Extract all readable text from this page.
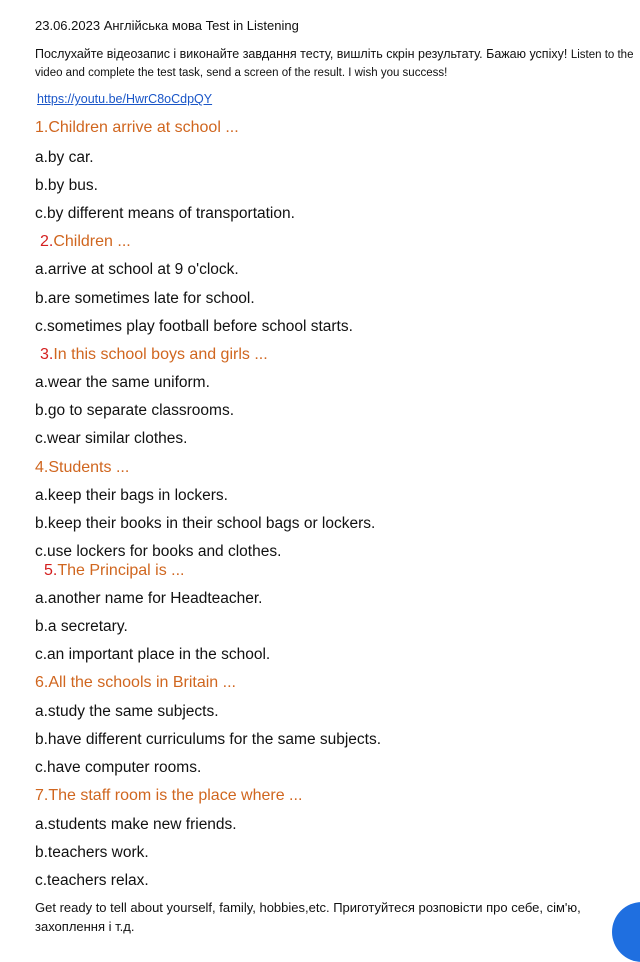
23.06.2023 Англійська мова Test in Listening
Послухайте відеозапис і виконайте завдання тесту, вишліть скрін результату. Бажаю успіху! Listen to the video and complete the test task, send a screen of the result. I wish you success!
https://youtu.be/HwrC8oCdpQY
1.Children arrive at school ...
a.by car.
b.by bus.
c.by different means of transportation.
2.Children ...
a.arrive at school at 9 o'clock.
b.are sometimes late for school.
c.sometimes play football before school starts.
3.In this school boys and girls ...
a.wear the same uniform.
b.go to separate classrooms.
c.wear similar clothes.
4.Students ...
a.keep their bags in lockers.
b.keep their books in their school bags or lockers.
c.use lockers for books and clothes.
5.The Principal is ...
a.another name for Headteacher.
b.a secretary.
c.an important place in the school.
6.All the schools in Britain ...
a.study the same subjects.
b.have different curriculums for the same subjects.
c.have computer rooms.
7.The staff room is the place where ...
a.students make new friends.
b.teachers work.
c.teachers relax.
Get ready to tell about yourself, family, hobbies,etc. Приготуйтеся розповісти про себе, сім'ю, захоплення і т.д.
